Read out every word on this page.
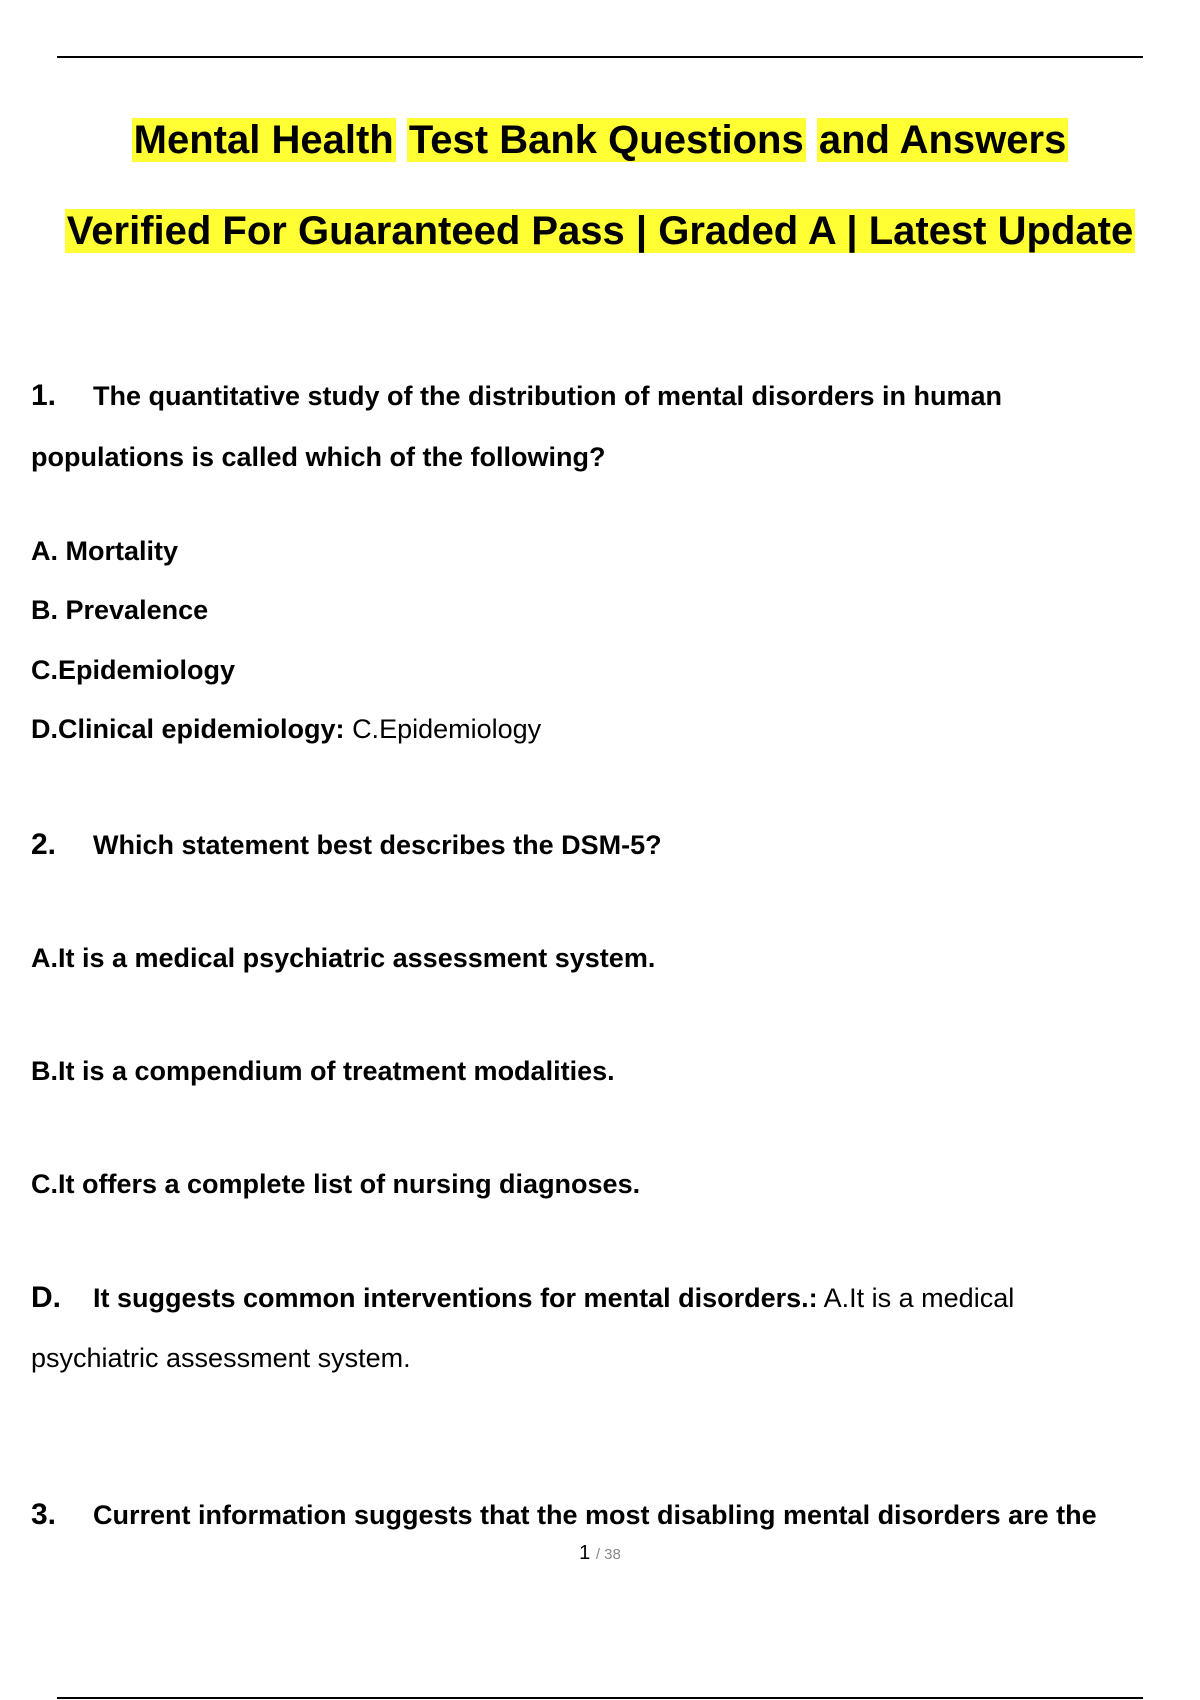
Mental Health Test Bank Questions and Answers
Verified For Guaranteed Pass | Graded A | Latest Update
1. The quantitative study of the distribution of mental disorders in human
populations is called which of the following?
A. Mortality
B. Prevalence
C.Epidemiology
D.Clinical epidemiology: C.Epidemiology
2. Which statement best describes the DSM-5?
A.It is a medical psychiatric assessment system.
B.It is a compendium of treatment modalities.
C.It offers a complete list of nursing diagnoses.
D. It suggests common interventions for mental disorders.: A.It is a medical
psychiatric assessment system.
3. Current information suggests that the most disabling mental disorders are the
1 / 38
